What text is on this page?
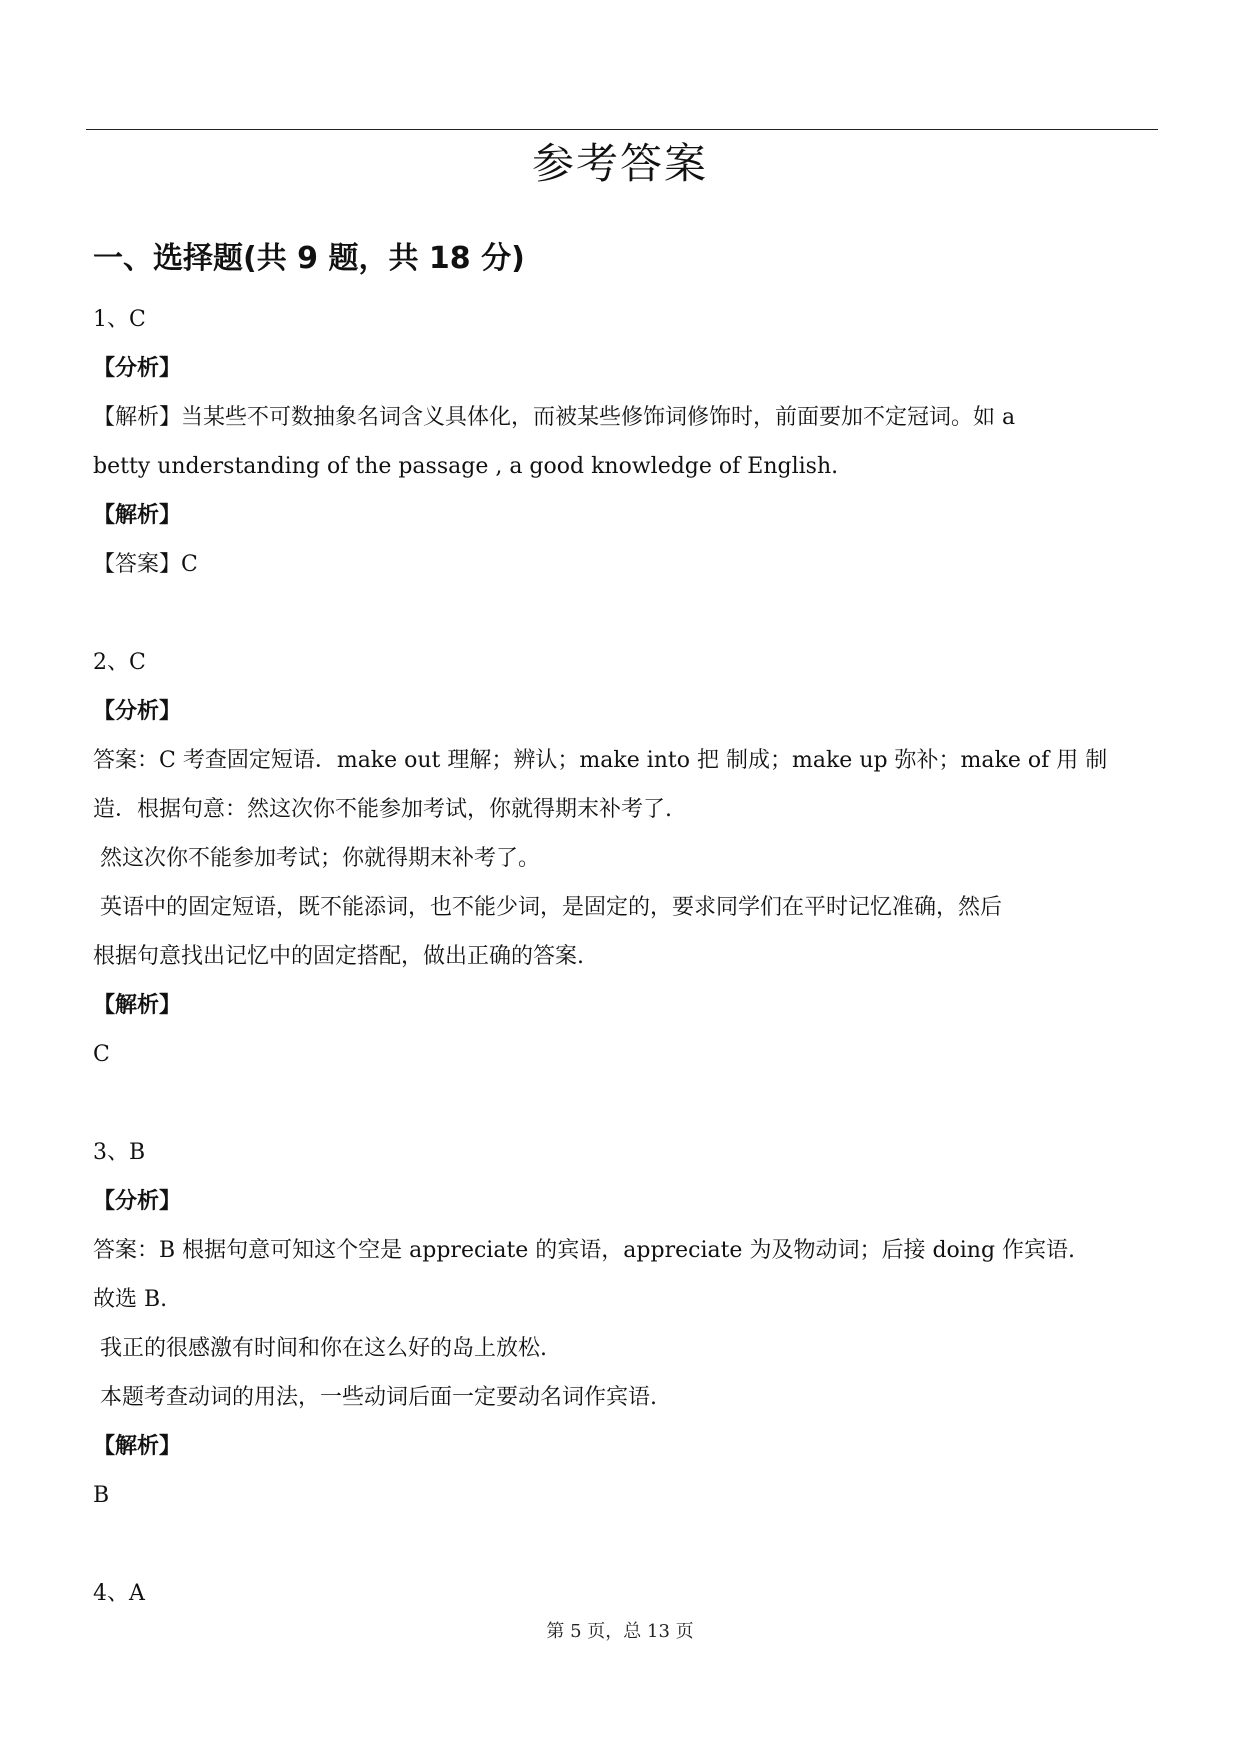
参考答案
一、选择题(共 9 题，共 18 分)
1、C
【分析】
【解析】当某些不可数抽象名词含义具体化，而被某些修饰词修饰时，前面要加不定冠词。如 a
betty understanding of the passage , a good knowledge of English.
【解析】
【答案】C
2、C
【分析】
答案：C 考查固定短语．make out 理解；辨认；make into 把 制成；make up 弥补；make of 用 制
造．根据句意：然这次你不能参加考试，你就得期末补考了.
然这次你不能参加考试；你就得期末补考了。
英语中的固定短语，既不能添词，也不能少词，是固定的，要求同学们在平时记忆准确，然后
根据句意找出记忆中的固定搭配，做出正确的答案.
【解析】
C
3、B
【分析】
答案：B 根据句意可知这个空是 appreciate 的宾语，appreciate 为及物动词；后接 doing 作宾语.
故选 B.
我正的很感激有时间和你在这么好的岛上放松.
本题考查动词的用法，一些动词后面一定要动名词作宾语.
【解析】
B
4、A
第 5 页，总 13 页
